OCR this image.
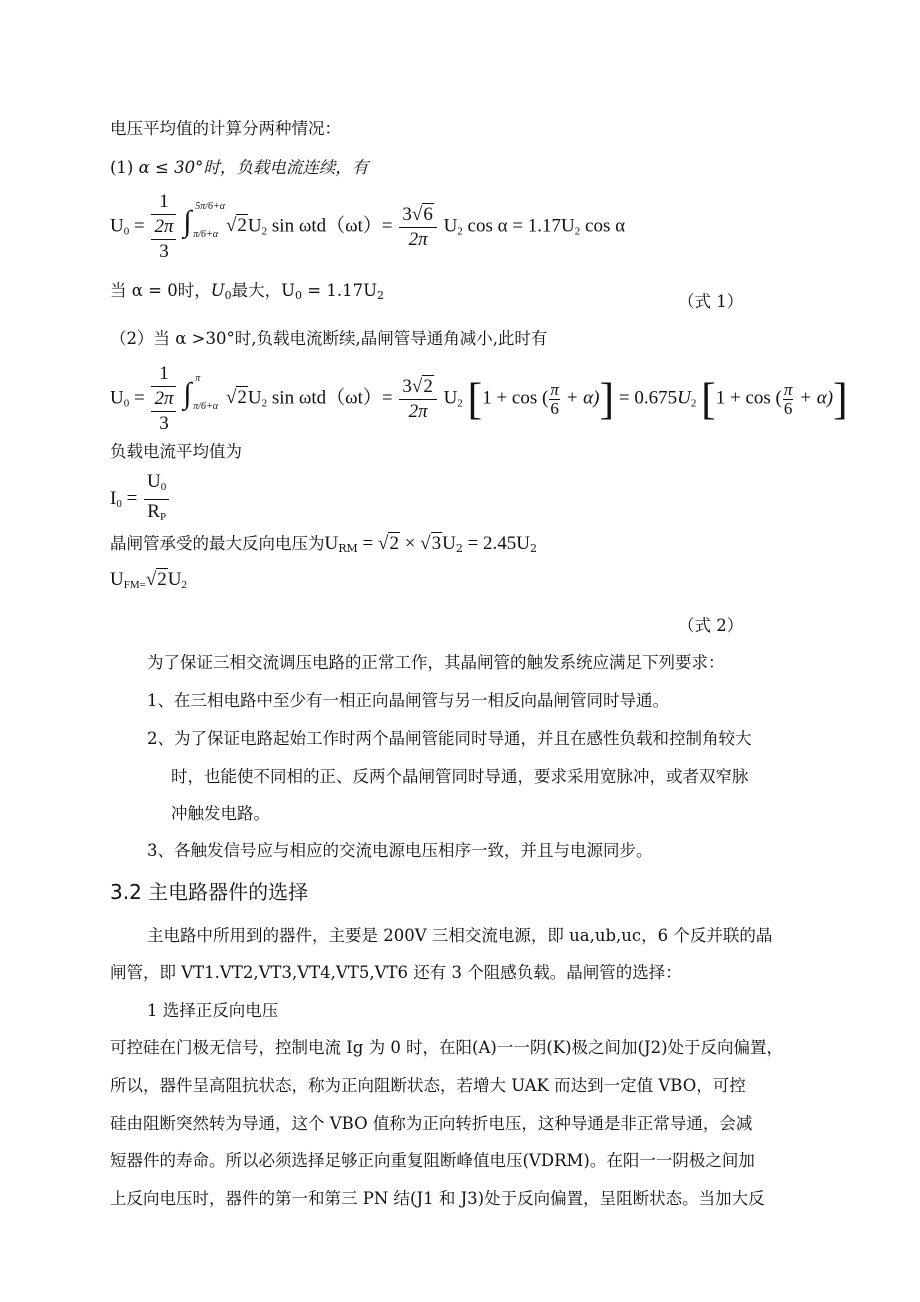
电压平均值的计算分两种情况：
(1) α ≤ 30°时，负载电流连续，有
$U_0$ =
1
2π
3

∫ 5π/6+α
π/6+α $√2U_2$ $\sin \omega td(\omega t)= \frac{3√6}{2\pi} U_2$ $\cos \alpha = 1.17U_2$ cos α
当 α = 0时，$U_0$最大，$U_0 = 1.17U_2$	（式 1）
（2）当 α >30°时,负载电流断续,晶闸管导通角减小,此时有
$U_0$ =
1
2π
3

∫ π
π/6+α $√2U_2$ $\sin \omega td(\omega t)= \frac{3√2}{2\pi} U_2$ [1 + cos ( $\frac{\pi}{6} + \alpha)] = 0.675U_2$ [1 + cos ( $\frac{\pi}{6} + \alpha$)]
负载电流平均值为
$I_0 = \frac{U_0}{R_P}$
晶闸管承受的最大反向电压为$U_{RM} = √2 \times √3U_2 = 2.45U_2$
$U_{FM=}√2U_2$
（式 2）
为了保证三相交流调压电路的正常工作，其晶闸管的触发系统应满足下列要求：
1、在三相电路中至少有一相正向晶闸管与另一相反向晶闸管同时导通。
2、为了保证电路起始工作时两个晶闸管能同时导通，并且在感性负载和控制角较大
时，也能使不同相的正、反两个晶闸管同时导通，要求采用宽脉冲，或者双窄脉
冲触发电路。
3、各触发信号应与相应的交流电源电压相序一致，并且与电源同步。
3.2 主电路器件的选择
主电路中所用到的器件，主要是 200V 三相交流电源，即 ua,ub,uc，6 个反并联的晶
闸管，即 VT1.VT2,VT3,VT4,VT5,VT6 还有 3 个阻感负载。晶闸管的选择：
1 选择正反向电压
可控硅在门极无信号，控制电流 Ig 为 0 时，在阳(A)一一阴(K)极之间加(J2)处于反向偏置，
所以，器件呈高阻抗状态，称为正向阻断状态，若增大 UAK 而达到一定值 VBO，可控
硅由阻断突然转为导通，这个 VBO 值称为正向转折电压，这种导通是非正常导通，会减
短器件的寿命。所以必须选择足够正向重复阻断峰值电压(VDRM)。在阳一一阴极之间加
上反向电压时，器件的第一和第三 PN 结(J1 和 J3)处于反向偏置，呈阻断状态。当加大反
